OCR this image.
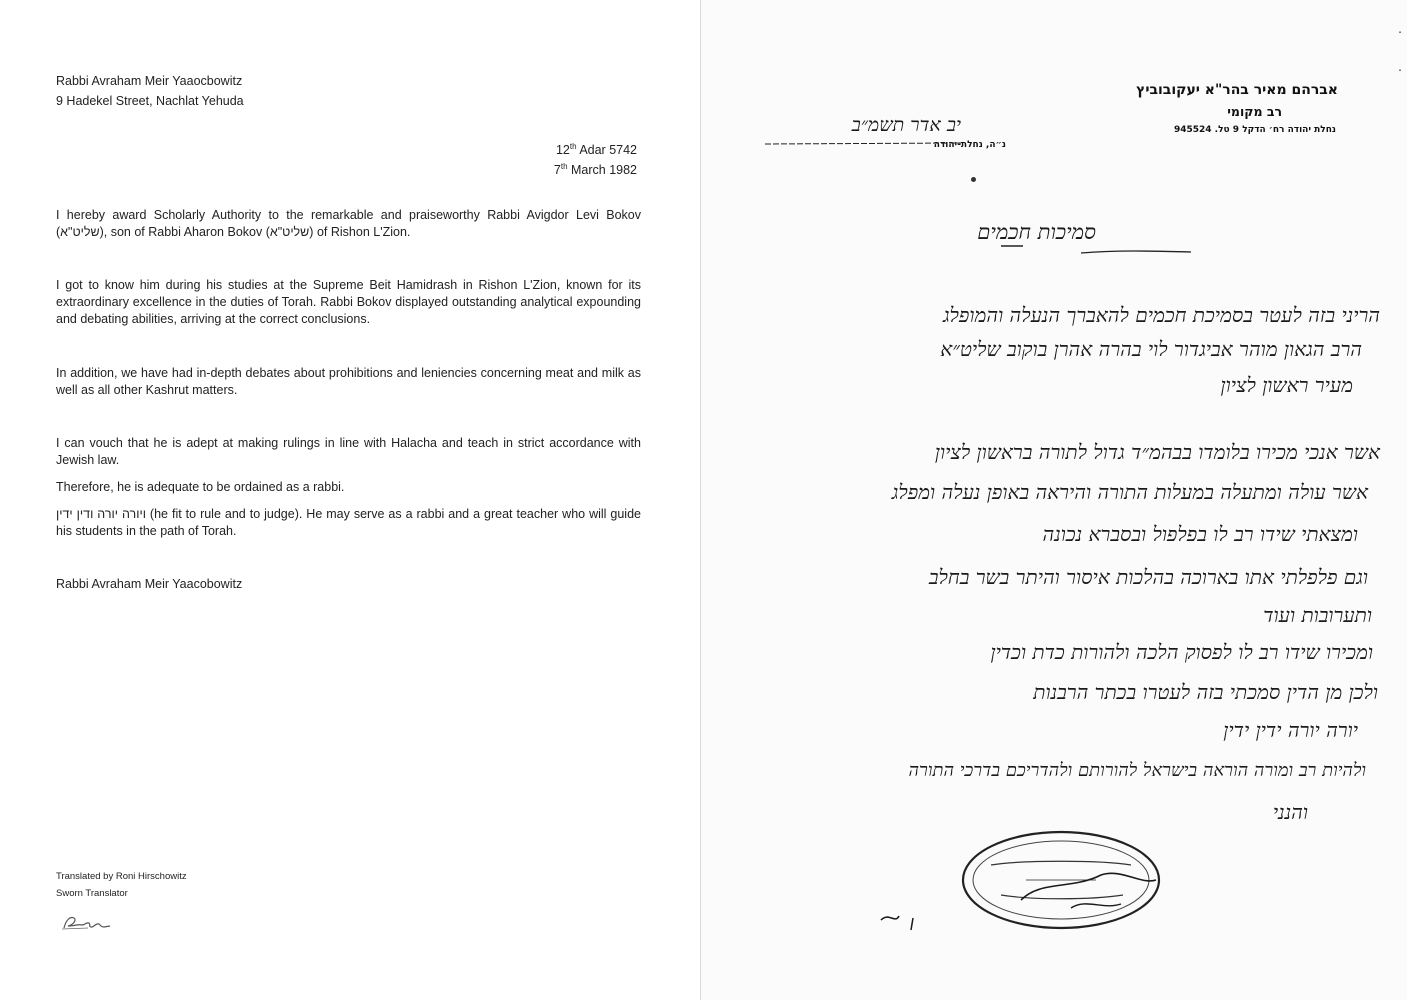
Rabbi Avraham Meir Yaaocbowitz
9 Hadekel Street, Nachlat Yehuda
12th Adar 5742
7th March 1982
I hereby award Scholarly Authority to the remarkable and praiseworthy Rabbi Avigdor Levi Bokov (שליט"א), son of Rabbi Aharon Bokov (שליט"א) of Rishon L'Zion.
I got to know him during his studies at the Supreme Beit Hamidrash in Rishon L'Zion, known for its extraordinary excellence in the duties of Torah. Rabbi Bokov displayed outstanding analytical expounding and debating abilities, arriving at the correct conclusions.
In addition, we have had in-depth debates about prohibitions and leniencies concerning meat and milk as well as all other Kashrut matters.
I can vouch that he is adept at making rulings in line with Halacha and teach in strict accordance with Jewish law.
Therefore, he is adequate to be ordained as a rabbi.
ויורה יורה ודין ידין (he fit to rule and to judge). He may serve as a rabbi and a great teacher who will guide his students in the path of Torah.
Rabbi Avraham Meir Yaacobowitz
Translated by Roni Hirschowitz
Sworn Translator
.
.
אברהם מאיר בהר"א יעקובוביץ
רב מקומי
נחלת יהודה רח׳ הדקל 9 טל. 945524
נ״ה, נחלת-יהודה
יב אדר תשמ״ב
סמיכות חכמים
הריני בזה לעטר בסמיכת חכמים להאברך הנעלה והמופלג
הרב הגאון מוהר אביגדור לוי בהרה אהרן בוקוב שליט״א
מעיר ראשון לציון
אשר אנכי מכירו בלומדו בבהמ״ד גדול לתורה בראשון לציון
אשר עולה ומתעלה במעלות התורה והיראה באופן נעלה ומפלג
ומצאתי שידו רב לו בפלפול ובסברא נכונה
וגם פלפלתי אתו בארוכה בהלכות איסור והיתר בשר בחלב
ותערובות ועוד
ומכירו שידו רב לו לפסוק הלכה ולהורות כדת וכדין
ולכן מן הדין סמכתי בזה לעטרו בכתר הרבנות
יורה יורה ידין ידין
ולהיות רב ומורה הוראה בישראל להורותם ולהדריכם בדרכי התורה
והנני
